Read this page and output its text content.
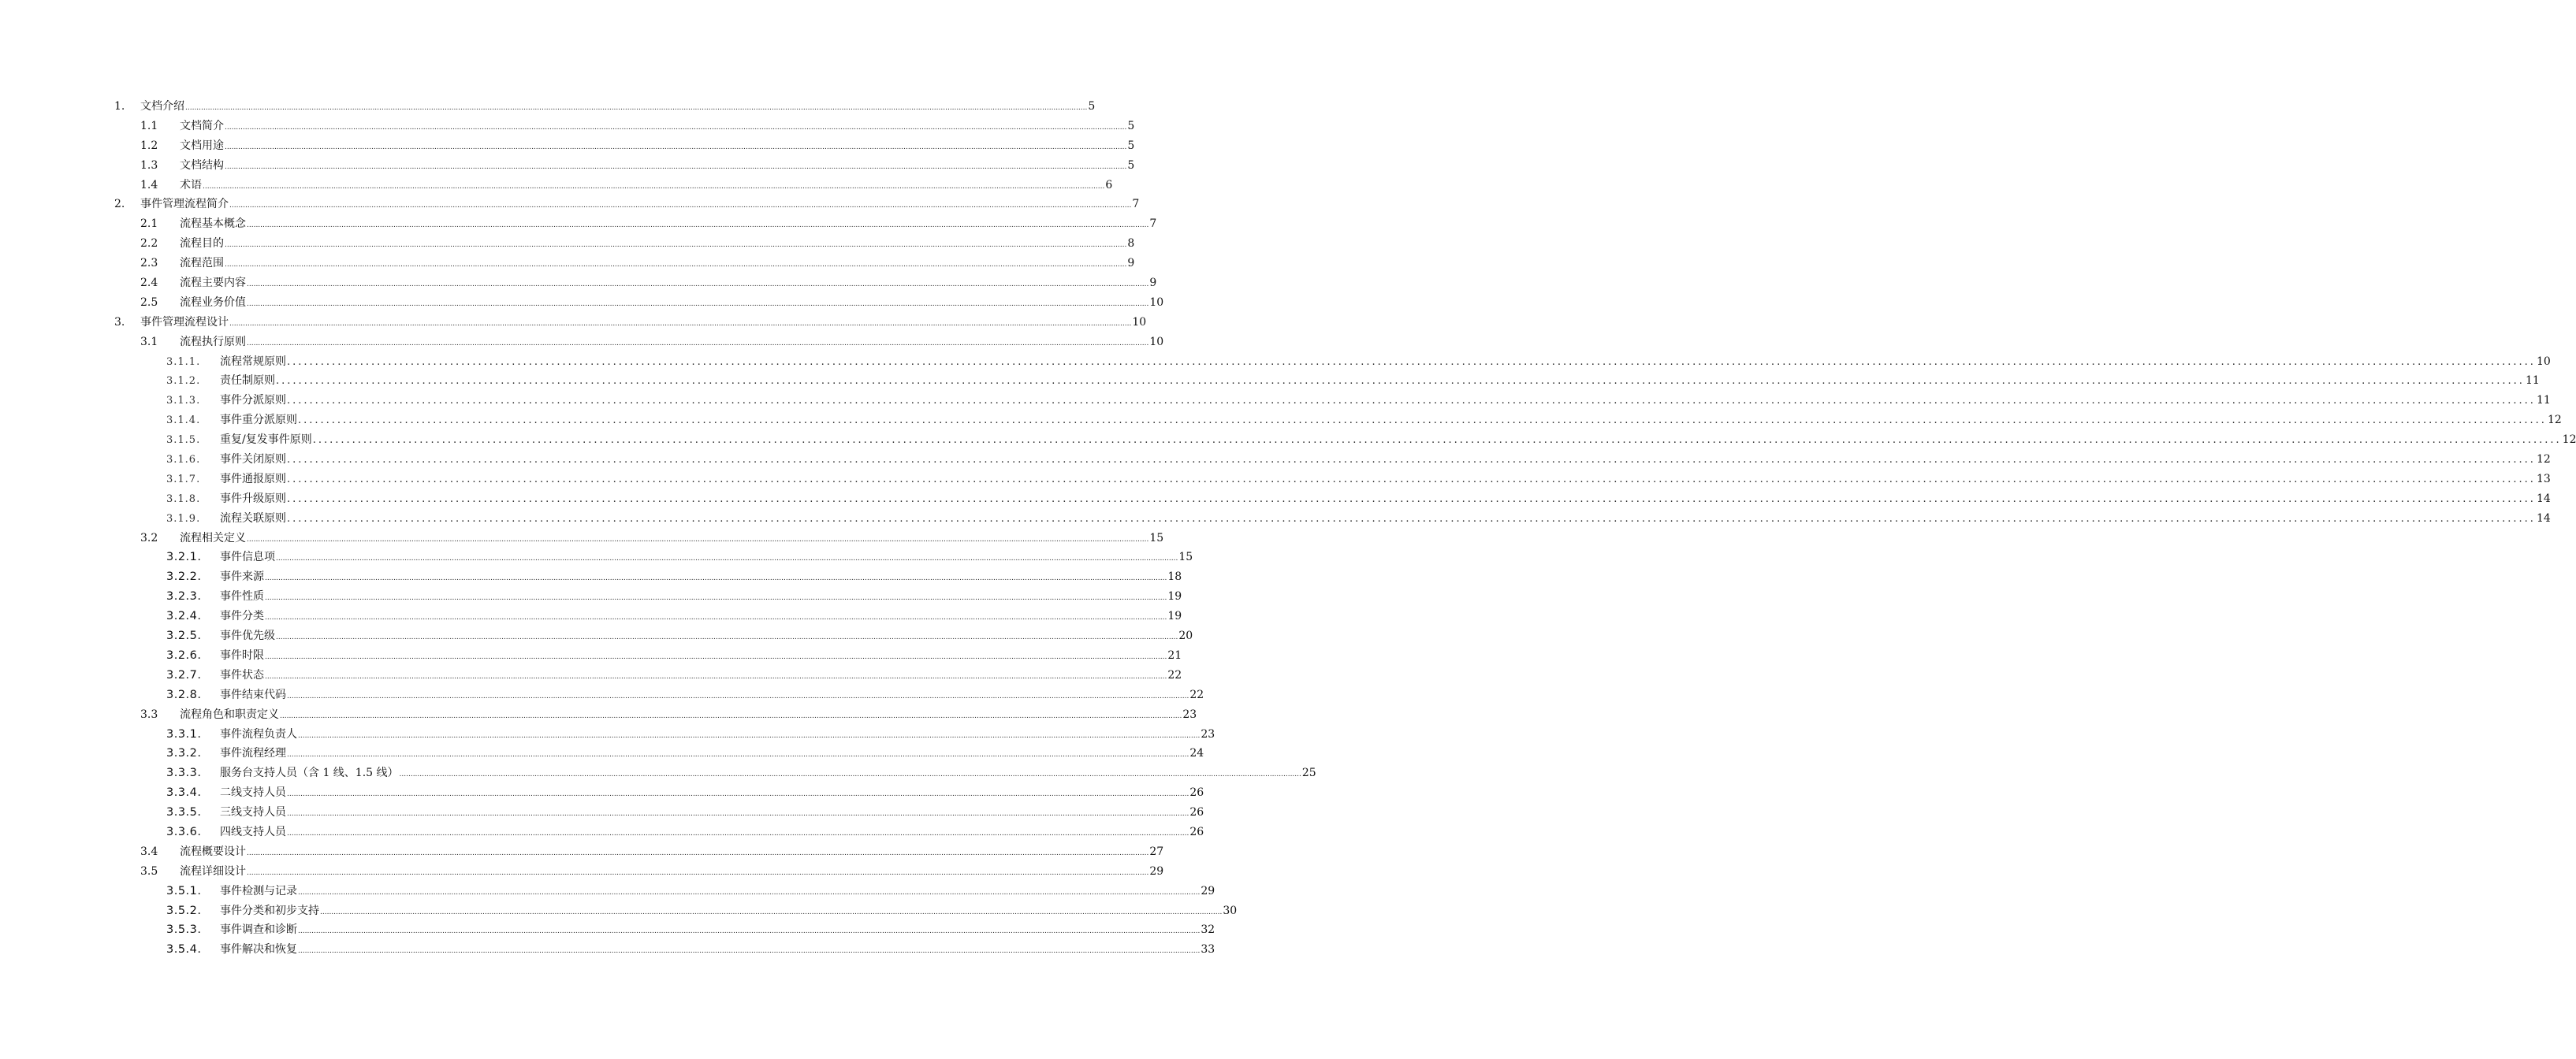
1.	文档介绍 ................................................................................................................................................................................................................................................................................................................................................................................................................ 5
1.1	文档简介 ................................................................................................................................................................................................................................................................................................................................................................................................................ 5
1.2	文档用途 ................................................................................................................................................................................................................................................................................................................................................................................................................ 5
1.3	文档结构 ................................................................................................................................................................................................................................................................................................................................................................................................................ 5
1.4	术语 ................................................................................................................................................................................................................................................................................................................................................................................................................ 6
2.	事件管理流程简介 ................................................................................................................................................................................................................................................................................................................................................................................................................ 7
2.1	流程基本概念 ................................................................................................................................................................................................................................................................................................................................................................................................................ 7
2.2	流程目的 ................................................................................................................................................................................................................................................................................................................................................................................................................ 8
2.3	流程范围 ................................................................................................................................................................................................................................................................................................................................................................................................................ 9
2.4	流程主要内容 ................................................................................................................................................................................................................................................................................................................................................................................................................ 9
2.5	流程业务价值 ................................................................................................................................................................................................................................................................................................................................................................................................................ 10
3.	事件管理流程设计 ................................................................................................................................................................................................................................................................................................................................................................................................................ 10
3.1	流程执行原则 ................................................................................................................................................................................................................................................................................................................................................................................................................ 10
3.1.1.	流程常规原则 ................................................................................................................................................................................................................................................................................................................................................................................................................ 10
3.1.2.	责任制原则 ................................................................................................................................................................................................................................................................................................................................................................................................................ 11
3.1.3.	事件分派原则 ................................................................................................................................................................................................................................................................................................................................................................................................................ 11
3.1.4.	事件重分派原则 ................................................................................................................................................................................................................................................................................................................................................................................................................ 12
3.1.5.	重复/复发事件原则 ................................................................................................................................................................................................................................................................................................................................................................................................................ 12
3.1.6.	事件关闭原则 ................................................................................................................................................................................................................................................................................................................................................................................................................ 12
3.1.7.	事件通报原则 ................................................................................................................................................................................................................................................................................................................................................................................................................ 13
3.1.8.	事件升级原则 ................................................................................................................................................................................................................................................................................................................................................................................................................ 14
3.1.9.	流程关联原则 ................................................................................................................................................................................................................................................................................................................................................................................................................ 14
3.2	流程相关定义 ................................................................................................................................................................................................................................................................................................................................................................................................................ 15
3.2.1.	事件信息项 ................................................................................................................................................................................................................................................................................................................................................................................................................ 15
3.2.2.	事件来源 ................................................................................................................................................................................................................................................................................................................................................................................................................ 18
3.2.3.	事件性质 ................................................................................................................................................................................................................................................................................................................................................................................................................ 19
3.2.4.	事件分类 ................................................................................................................................................................................................................................................................................................................................................................................................................ 19
3.2.5.	事件优先级 ................................................................................................................................................................................................................................................................................................................................................................................................................ 20
3.2.6.	事件时限 ................................................................................................................................................................................................................................................................................................................................................................................................................ 21
3.2.7.	事件状态 ................................................................................................................................................................................................................................................................................................................................................................................................................ 22
3.2.8.	事件结束代码 ................................................................................................................................................................................................................................................................................................................................................................................................................ 22
3.3	流程角色和职责定义 ................................................................................................................................................................................................................................................................................................................................................................................................................ 23
3.3.1.	事件流程负责人 ................................................................................................................................................................................................................................................................................................................................................................................................................ 23
3.3.2.	事件流程经理 ................................................................................................................................................................................................................................................................................................................................................................................................................ 24
3.3.3.	服务台支持人员（含 1 线、1.5 线） ................................................................................................................................................................................................................................................................................................................................................................................................................ 25
3.3.4.	二线支持人员 ................................................................................................................................................................................................................................................................................................................................................................................................................ 26
3.3.5.	三线支持人员 ................................................................................................................................................................................................................................................................................................................................................................................................................ 26
3.3.6.	四线支持人员 ................................................................................................................................................................................................................................................................................................................................................................................................................ 26
3.4	流程概要设计 ................................................................................................................................................................................................................................................................................................................................................................................................................ 27
3.5	流程详细设计 ................................................................................................................................................................................................................................................................................................................................................................................................................ 29
3.5.1.	事件检测与记录 ................................................................................................................................................................................................................................................................................................................................................................................................................ 29
3.5.2.	事件分类和初步支持 ................................................................................................................................................................................................................................................................................................................................................................................................................ 30
3.5.3.	事件调查和诊断 ................................................................................................................................................................................................................................................................................................................................................................................................................ 32
3.5.4.	事件解决和恢复 ................................................................................................................................................................................................................................................................................................................................................................................................................ 33
